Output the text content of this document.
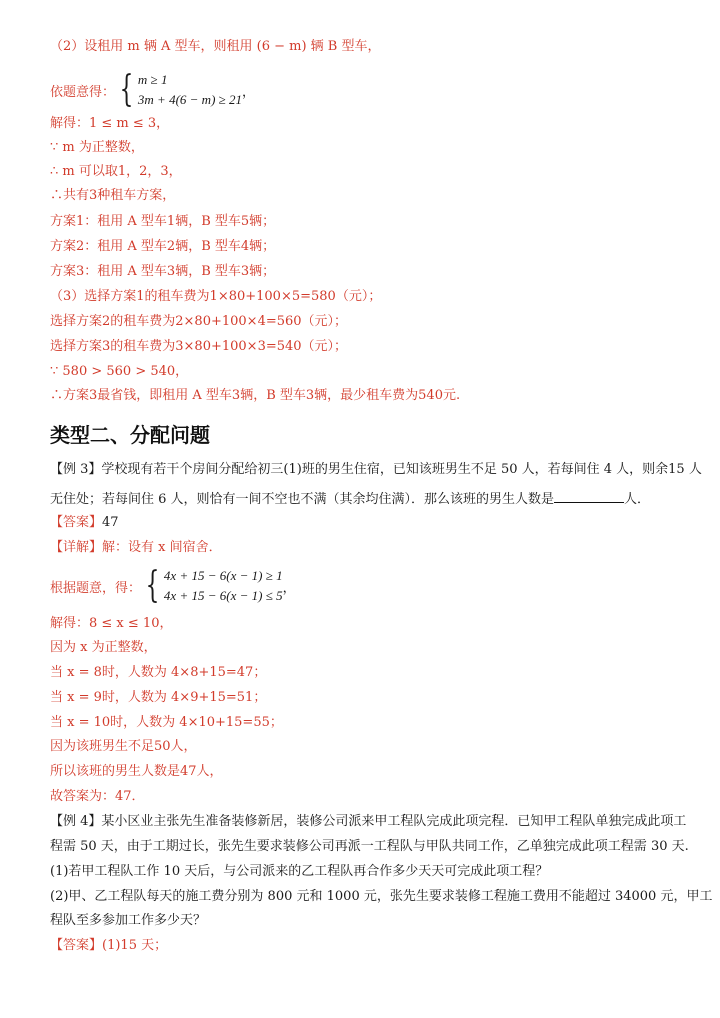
（2）设租用 m 辆 A 型车，则租用 (6 − m) 辆 B 型车，
依题意得： { m ≥ 1
3m + 4(6 − m) ≥ 21 ，
解得：1 ≤ m ≤ 3，
∵ m 为正整数，
∴ m 可以取1，2，3，
∴共有3种租车方案，
方案1：租用 A 型车1辆，B 型车5辆；
方案2：租用 A 型车2辆，B 型车4辆；
方案3：租用 A 型车3辆，B 型车3辆；
（3）选择方案1的租车费为1×80+100×5=580（元）；
选择方案2的租车费为2×80+100×4=560（元）；
选择方案3的租车费为3×80+100×3=540（元）；
∵ 580 > 560 > 540，
∴方案3最省钱，即租用 A 型车3辆，B 型车3辆，最少租车费为540元.
类型二、分配问题
【例 3】学校现有若干个房间分配给初三(1)班的男生住宿，已知该班男生不足 50 人，若每间住 4 人，则余15 人
无住处；若每间住 6 人，则恰有一间不空也不满（其余均住满）．那么该班的男生人数是	人．
【答案】47
【详解】解：设有 x 间宿舍．
根据题意，得： { 4x + 15 − 6(x − 1) ≥ 1
4x + 15 − 6(x − 1) ≤ 5 ，
解得：8 ≤ x ≤ 10，
因为 x 为正整数，
当 x = 8时，人数为 4×8+15=47；
当 x = 9时，人数为 4×9+15=51；
当 x = 10时，人数为 4×10+15=55；
因为该班男生不足50人，
所以该班的男生人数是47人，
故答案为：47．
【例 4】某小区业主张先生准备装修新居，装修公司派来甲工程队完成此项完程．已知甲工程队单独完成此项工
程需 50 天，由于工期过长，张先生要求装修公司再派一工程队与甲队共同工作，乙单独完成此项工程需 30 天.
(1)若甲工程队工作 10 天后，与公司派来的乙工程队再合作多少天天可完成此项工程？
(2)甲、乙工程队每天的施工费分别为 800 元和 1000 元，张先生要求装修工程施工费用不能超过 34000 元，甲工
程队至多参加工作多少天？
【答案】(1)15 天；
